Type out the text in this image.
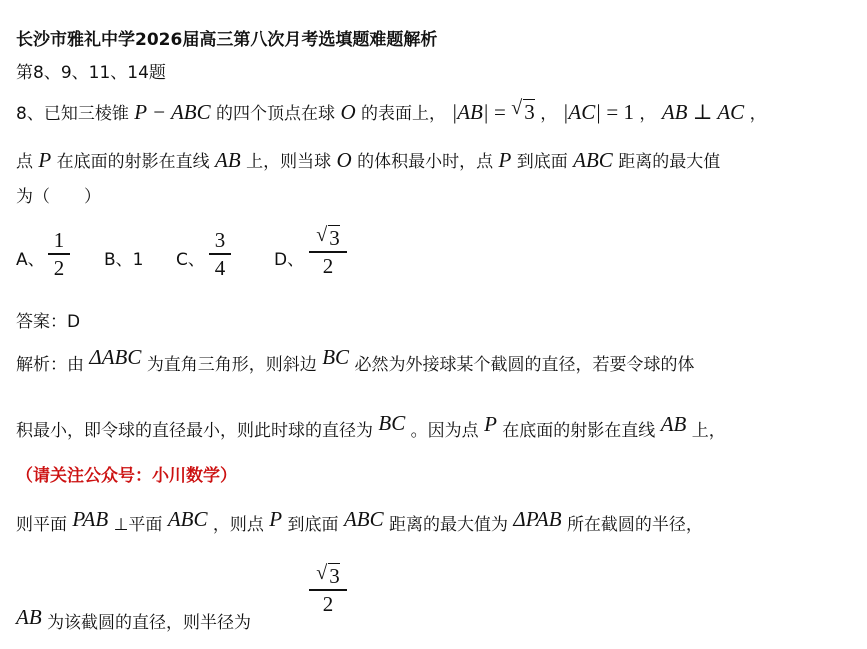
长沙市雅礼中学2026届高三第八次月考选填题难题解析
第8、9、11、14题
8、已知三棱锥 P − ABC 的四个顶点在球 O 的表面上， |AB| = √ 3 ， |AC| = 1 ， AB ⊥ AC ，
点 P 在底面的射影在直线 AB 上，则当球 O 的体积最小时，点 P 到底面 ABC 距离的最大值
为（　　）
A、
1
2	B、1 C、
3
4	D、
√ 3
2
答案：D
解析：由 ΔABC 为直角三角形，则斜边 BC 必然为外接球某个截圆的直径，若要令球的体
积最小，即令球的直径最小，则此时球的直径为 BC 。因为点 P 在底面的射影在直线 AB 上，
（请关注公众号：小川数学）
则平面 PAB ⊥平面 ABC ，则点 P 到底面 ABC 距离的最大值为 ΔPAB 所在截圆的半径，
AB 为该截圆的直径，则半径为
√ 3
2
